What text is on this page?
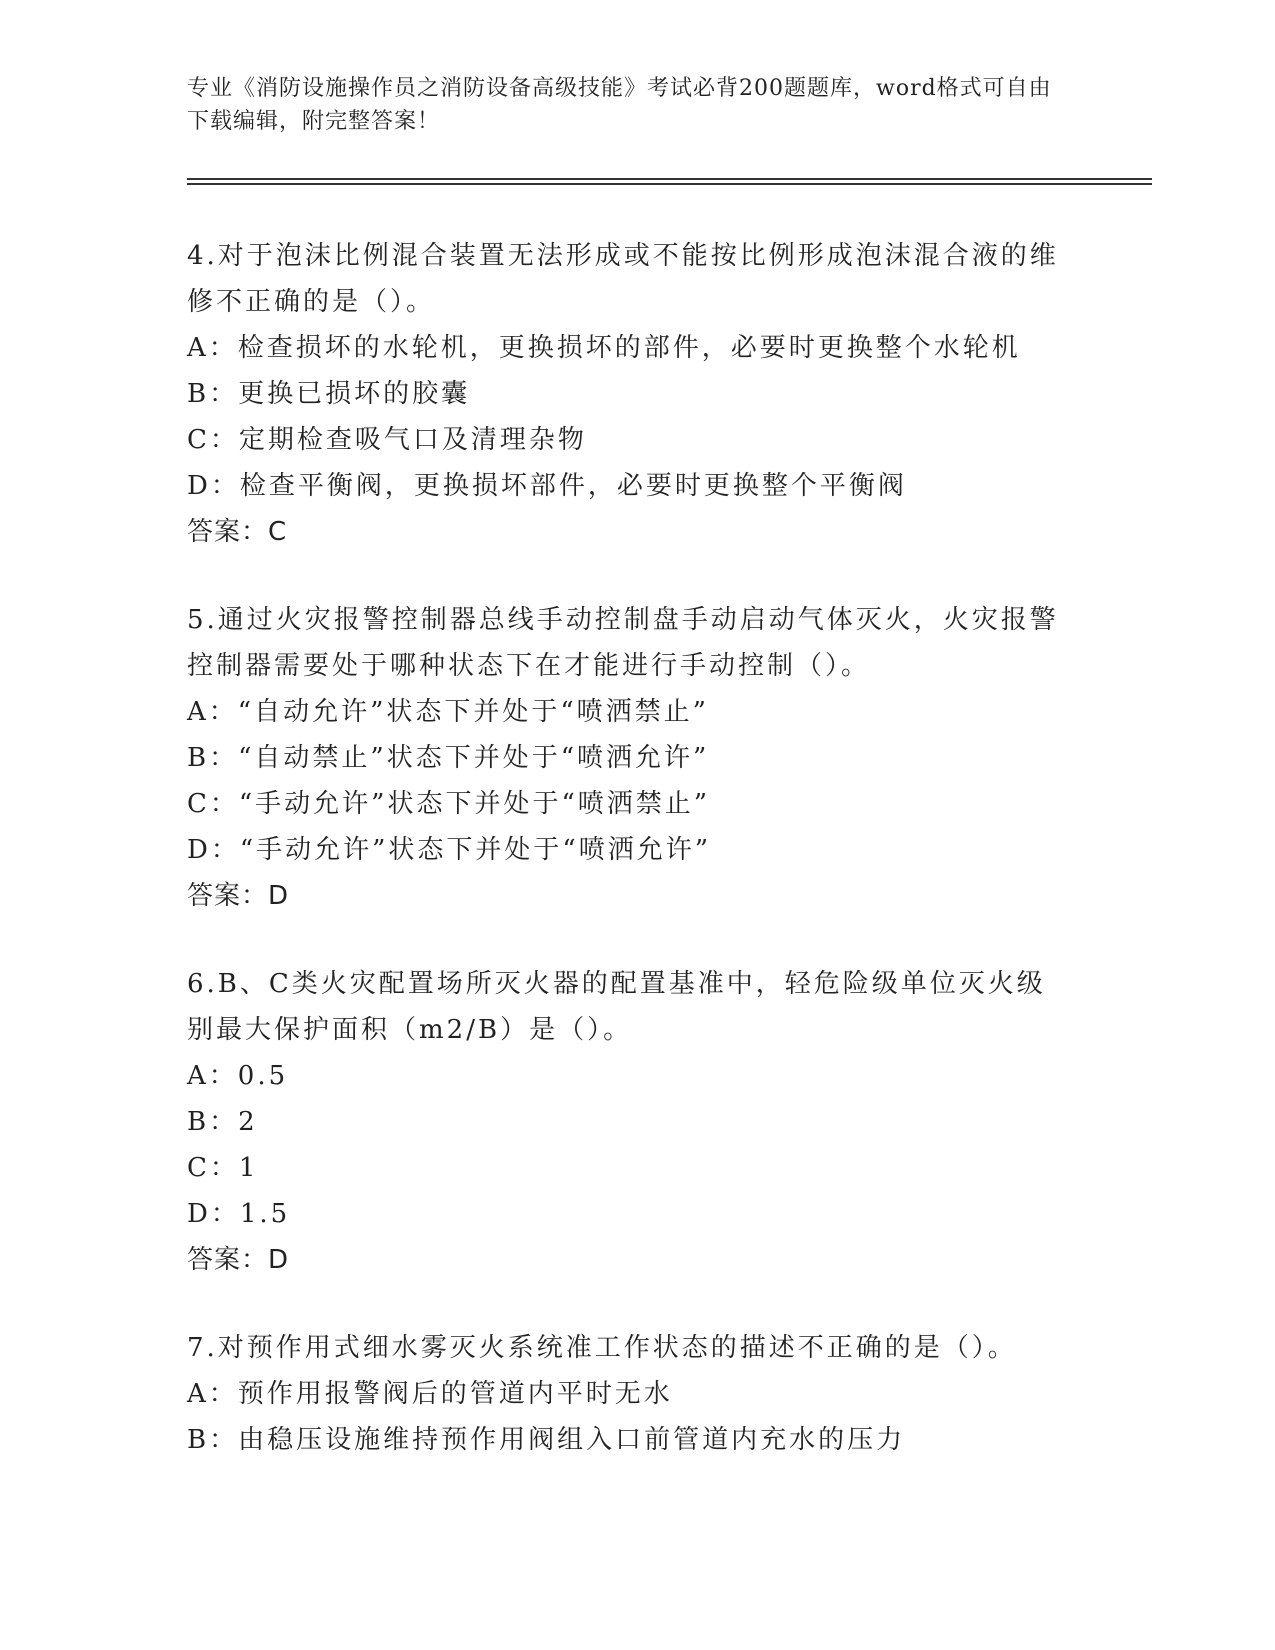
专业《消防设施操作员之消防设备高级技能》考试必背200题题库，word格式可自由下载编辑，附完整答案！

4.对于泡沫比例混合装置无法形成或不能按比例形成泡沫混合液的维修不正确的是（）。

A：检查损坏的水轮机，更换损坏的部件，必要时更换整个水轮机

B：更换已损坏的胶囊

C：定期检查吸气口及清理杂物

D：检查平衡阀，更换损坏部件，必要时更换整个平衡阀

答案：C

5.通过火灾报警控制器总线手动控制盘手动启动气体灭火，火灾报警控制器需要处于哪种状态下在才能进行手动控制（）。

A：“自动允许”状态下并处于“喷洒禁止”

B：“自动禁止”状态下并处于“喷洒允许”

C：“手动允许”状态下并处于“喷洒禁止”

D：“手动允许”状态下并处于“喷洒允许”

答案：D

6.B、C类火灾配置场所灭火器的配置基准中，轻危险级单位灭火级别最大保护面积（m2/B）是（）。

A：0.5

B：2

C：1

D：1.5

答案：D

7.对预作用式细水雾灭火系统准工作状态的描述不正确的是（）。

A：预作用报警阀后的管道内平时无水

B：由稳压设施维持预作用阀组入口前管道内充水的压力
